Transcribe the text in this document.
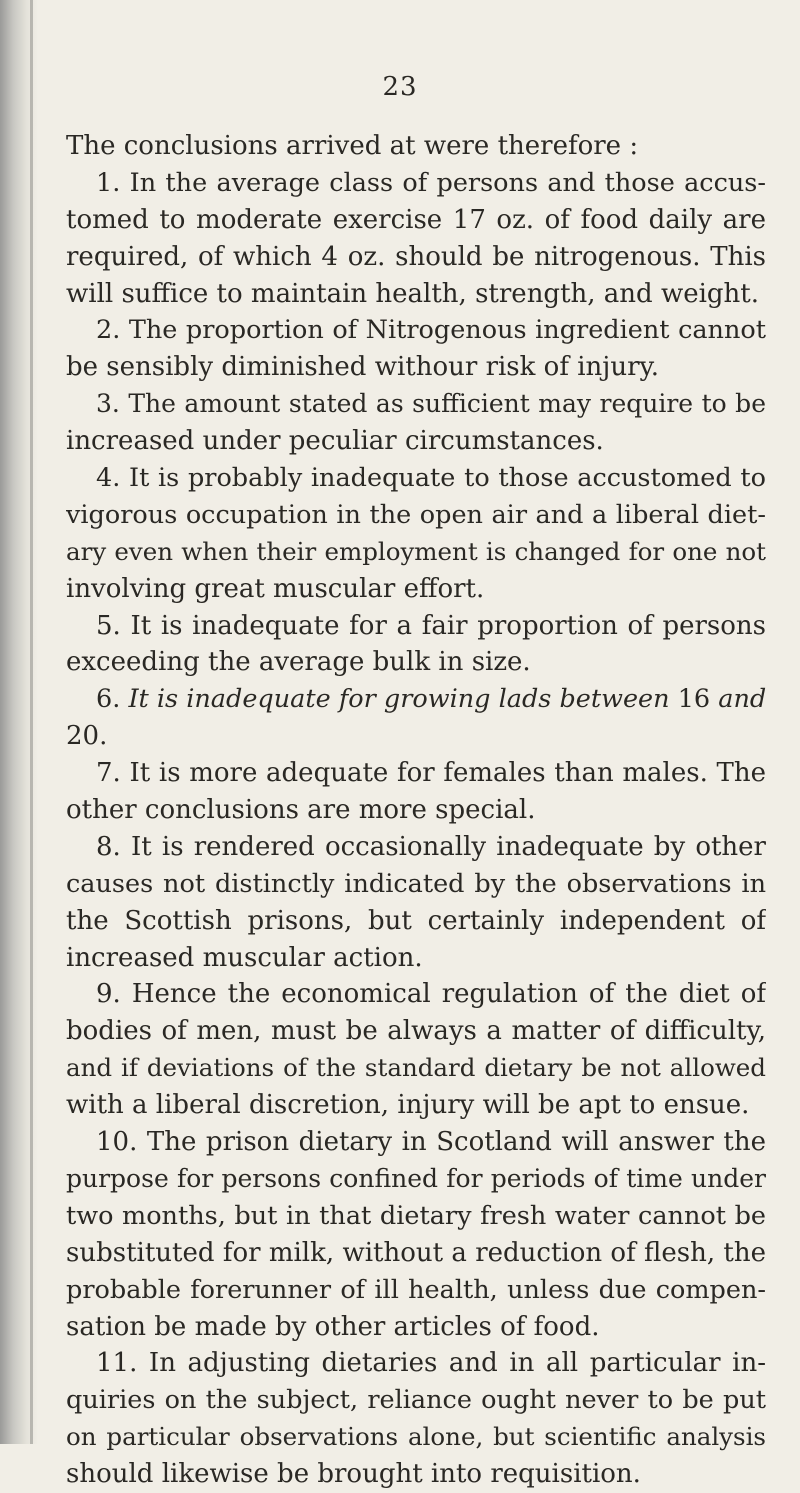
23
The conclusions arrived at were therefore :
1. In the average class of persons and those accus-
tomed to moderate exercise 17 oz. of food daily are
required, of which 4 oz. should be nitrogenous. This
will suffice to maintain health, strength, and weight.
2. The proportion of Nitrogenous ingredient cannot
be sensibly diminished withour risk of injury.
3. The amount stated as sufficient may require to be
increased under peculiar circumstances.
4. It is probably inadequate to those accustomed to
vigorous occupation in the open air and a liberal diet-
ary even when their employment is changed for one not
involving great muscular effort.
5. It is inadequate for a fair proportion of persons
exceeding the average bulk in size.
6. It is inadequate for growing lads between 16 and
20.
7. It is more adequate for females than males. The
other conclusions are more special.
8. It is rendered occasionally inadequate by other
causes not distinctly indicated by the observations in
the Scottish prisons, but certainly independent of
increased muscular action.
9. Hence the economical regulation of the diet of
bodies of men, must be always a matter of difficulty,
and if deviations of the standard dietary be not allowed
with a liberal discretion, injury will be apt to ensue.
10. The prison dietary in Scotland will answer the
purpose for persons confined for periods of time under
two months, but in that dietary fresh water cannot be
substituted for milk, without a reduction of flesh, the
probable forerunner of ill health, unless due compen-
sation be made by other articles of food.
11. In adjusting dietaries and in all particular in-
quiries on the subject, reliance ought never to be put
on particular observations alone, but scientific analysis
should likewise be brought into requisition.
